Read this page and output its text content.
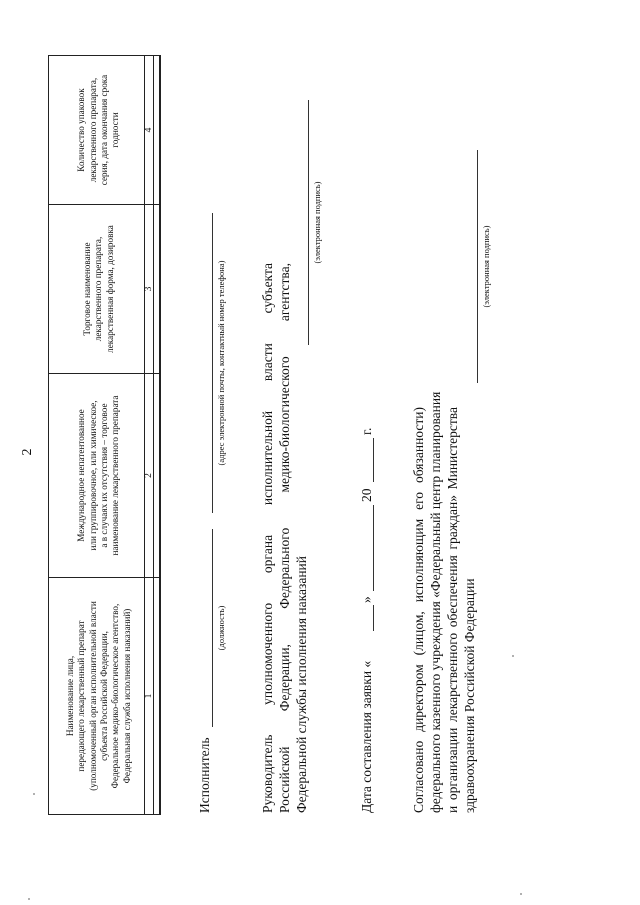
2
Наименование лица, передающего лекарственный препарат (уполномоченный орган исполнительной власти субъекта Российской Федерации, Федеральное медико-биологическое агентство, Федеральная служба исполнения наказаний)
Международное непатентованное или группировочное, или химическое, а в случаях их отсутствия – торговое наименование лекарственного препарата
Торговое наименование лекарственного препарата, лекарственная форма, дозировка
Количество упаковок лекарственного препарата, серия, дата окончания срока годности
1
2
3
4
Исполнитель
(должность)
(адрес электронной почты, контактный номер телефона)	Руководитель уполномоченного органа исполнительной власти субъекта Российской Федерации, Федерального медико-биологического агентства, Федеральной службы исполнения наказаний
(электронная подпись)
Дата составления заявки «
»
20
г.	Согласовано директором (лицом, исполняющим его обязанности) федерального казенного учреждения «Федеральный центр планирования и организации лекарственного обеспечения граждан» Министерства здравоохранения Российской Федерации
(электронная подпись)
